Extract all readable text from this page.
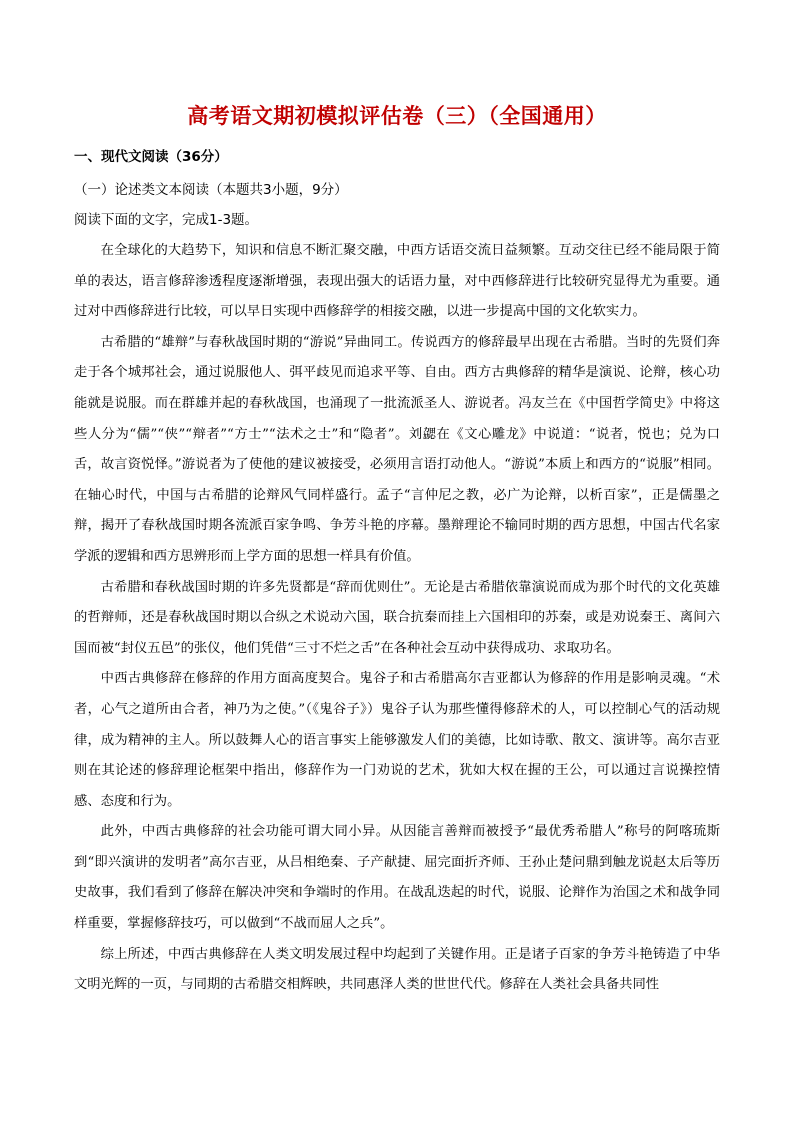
高考语文期初模拟评估卷（三）（全国通用）
一、现代文阅读（36分）
（一）论述类文本阅读（本题共3小题，9分）
阅读下面的文字，完成1-3题。

在全球化的大趋势下，知识和信息不断汇聚交融，中西方话语交流日益频繁。互动交往已经不能局限于简单的表达，语言修辞渗透程度逐渐增强，表现出强大的话语力量，对中西修辞进行比较研究显得尤为重要。通过对中西修辞进行比较，可以早日实现中西修辞学的相接交融，以进一步提高中国的文化软实力。

古希腊的“雄辩”与春秋战国时期的“游说”异曲同工。传说西方的修辞最早出现在古希腊。当时的先贤们奔走于各个城邦社会，通过说服他人、弭平歧见而追求平等、自由。西方古典修辞的精华是演说、论辩，核心功能就是说服。而在群雄并起的春秋战国，也涌现了一批流派圣人、游说者。冯友兰在《中国哲学简史》中将这些人分为“儒”“侠”“辩者”“方士”“法术之士”和“隐者”。刘勰在《文心雕龙》中说道：“说者，悦也；兑为口舌，故言资悦怿。”游说者为了使他的建议被接受，必须用言语打动他人。“游说”本质上和西方的“说服”相同。在轴心时代，中国与古希腊的论辩风气同样盛行。孟子“言仲尼之教，必广为论辩，以析百家”，正是儒墨之辩，揭开了春秋战国时期各流派百家争鸣、争芳斗艳的序幕。墨辩理论不输同时期的西方思想，中国古代名家学派的逻辑和西方思辨形而上学方面的思想一样具有价值。

古希腊和春秋战国时期的许多先贤都是“辞而优则仕”。无论是古希腊依靠演说而成为那个时代的文化英雄的哲辩师，还是春秋战国时期以合纵之术说动六国，联合抗秦而挂上六国相印的苏秦，或是劝说秦王、离间六国而被“封仪五邑”的张仪，他们凭借“三寸不烂之舌”在各种社会互动中获得成功、求取功名。

中西古典修辞在修辞的作用方面高度契合。鬼谷子和古希腊高尔吉亚都认为修辞的作用是影响灵魂。“术者，心气之道所由合者，神乃为之使。”（《鬼谷子》）鬼谷子认为那些懂得修辞术的人，可以控制心气的活动规律，成为精神的主人。所以鼓舞人心的语言事实上能够激发人们的美德，比如诗歌、散文、演讲等。高尔吉亚则在其论述的修辞理论框架中指出，修辞作为一门劝说的艺术，犹如大权在握的王公，可以通过言说操控情感、态度和行为。

此外，中西古典修辞的社会功能可谓大同小异。从因能言善辩而被授予“最优秀希腊人”称号的阿喀琉斯到“即兴演讲的发明者”高尔吉亚，从吕相绝秦、子产献捷、屈完面折齐师、王孙止楚问鼎到触龙说赵太后等历史故事，我们看到了修辞在解决冲突和争端时的作用。在战乱迭起的时代，说服、论辩作为治国之术和战争同样重要，掌握修辞技巧，可以做到“不战而屈人之兵”。

综上所述，中西古典修辞在人类文明发展过程中均起到了关键作用。正是诸子百家的争芳斗艳铸造了中华文明光辉的一页，与同期的古希腊交相辉映，共同惠泽人类的世世代代。修辞在人类社会具备共同性
